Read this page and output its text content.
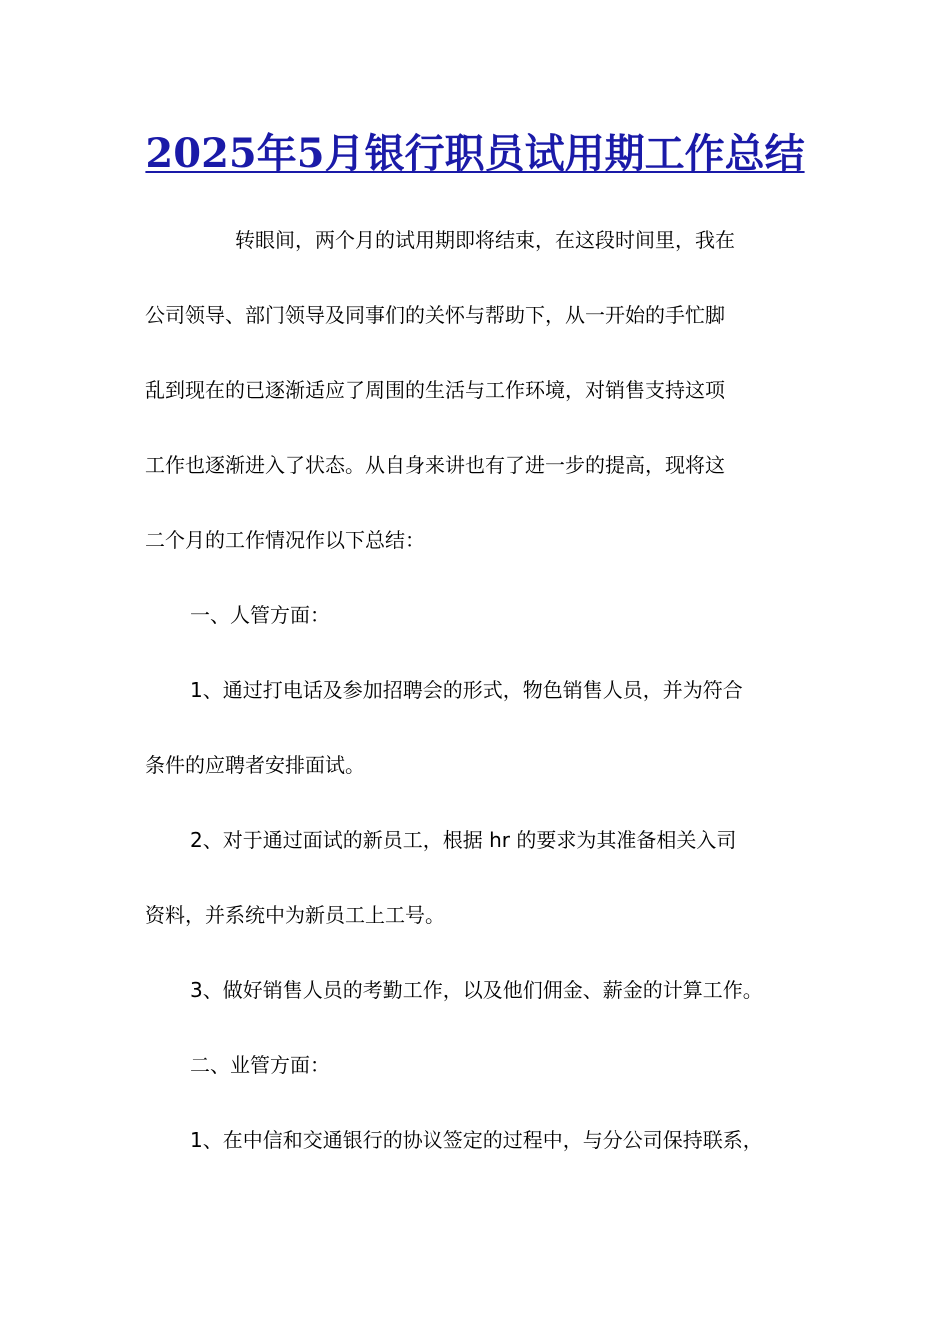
2025年5月银行职员试用期工作总结
转眼间，两个月的试用期即将结束，在这段时间里，我在
公司领导、部门领导及同事们的关怀与帮助下，从一开始的手忙脚
乱到现在的已逐渐适应了周围的生活与工作环境，对销售支持这项
工作也逐渐进入了状态。从自身来讲也有了进一步的提高，现将这
二个月的工作情况作以下总结：
一、人管方面：
1、通过打电话及参加招聘会的形式，物色销售人员，并为符合
条件的应聘者安排面试。
2、对于通过面试的新员工，根据 hr 的要求为其准备相关入司
资料，并系统中为新员工上工号。
3、做好销售人员的考勤工作，以及他们佣金、薪金的计算工作。
二、业管方面：
1、在中信和交通银行的协议签定的过程中，与分公司保持联系，
